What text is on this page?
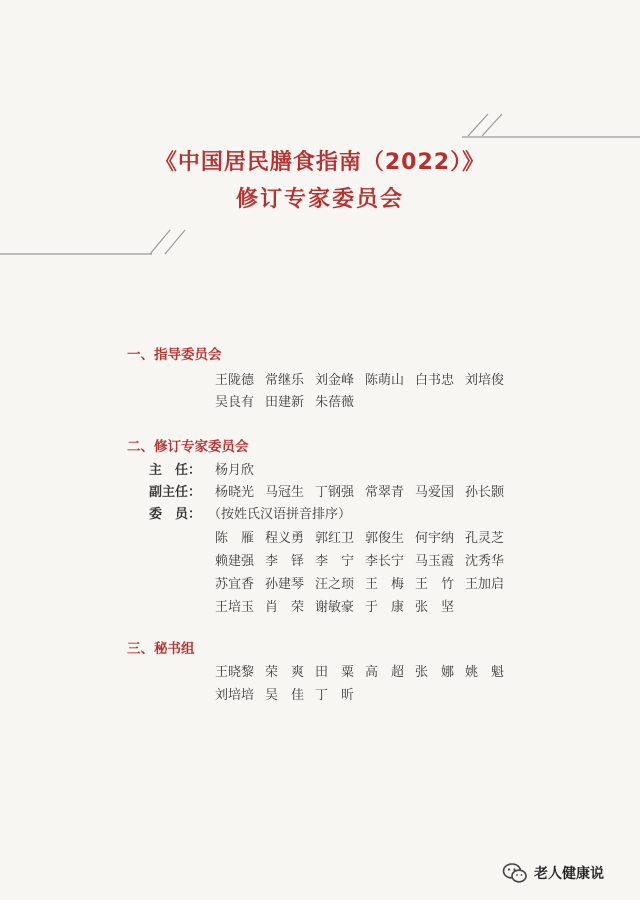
《中国居民膳食指南（2022）》
修订专家委员会
一、指导委员会
王陇德 常继乐 刘金峰 陈萌山 白书忠 刘培俊
吴良有 田建新 朱蓓薇
二、修订专家委员会
主　任： 杨月欣
副主任： 杨晓光 马冠生 丁钢强 常翠青 马爱国 孙长颢
委　员： （按姓氏汉语拼音排序）
陈　雁 程义勇 郭红卫 郭俊生 何宇纳 孔灵芝
赖建强 李　铎 李　宁 李长宁 马玉霞 沈秀华
苏宜香 孙建琴 汪之顼 王　梅 王　竹 王加启
王培玉 肖　荣 谢敏豪 于　康 张　坚
三、秘书组
王晓黎 荣　爽 田　粟 高　超 张　娜 姚　魁
刘培培 吴　佳 丁　昕
老人健康说
